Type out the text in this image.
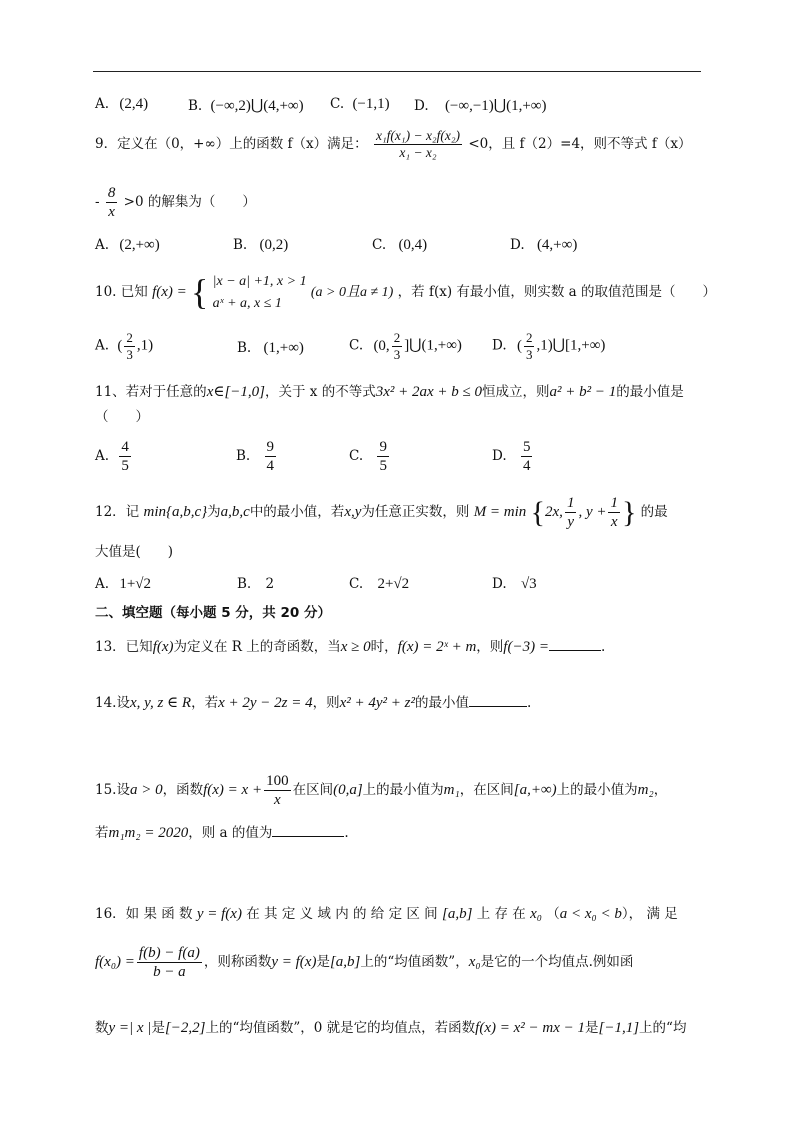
A. (2,4)	B. (−∞,2)⋃(4,+∞) C. (−1,1) D. (−∞,−1)⋃(1,+∞)
9．定义在（0，+∞）上的函数 f（x）满足： $\frac{\text{x₁f(x₁) − x₂f(x₂)}}{\text{x₁ − x₂}} <0$，且 f（2）=4，则不等式 f（x）
- $\frac{8}{x} >0$ 的解集为（　　）
A. (2,+∞)	B. (0,2)	C. (0,4)	D. (4,+∞)
10. 已知 f(x) = { |x − a| +1, x > 1
aˣ + a, x ≤ 1
(a > 0且a ≠ 1) ，若 f(x) 有最小值，则实数 a 的取值范围是（　　）
A. ( $\frac{2}{3} ,1$)	B. (1,+∞)	C. (0, $\frac{2}{3}$ ]⋃(1,+∞) D. ( $\frac{2}{3}$ ,1)⋃[1,+∞)
11、若对于任意的x∈[−1,0]，关于 x 的不等式3x² + 2ax + b ≤ 0恒成立，则a² + b² − 1的最小值是
（　　）
A. $\frac{4}{5}$	B. $\frac{9}{4}$	C. $\frac{9}{5}$	D. $\frac{5}{4}$
12．记 min{a,b,c}为a,b,c中的最小值，若x,y为任意正实数，则 M = min {2x, $\frac{1}{y}$ , $y + \frac{1}{x}$ } 的最
大值是(　　)
A. 1+√2	B. 2	C. 2+√2	D. √3
二、填空题（每小题 5 分，共 20 分）
13．已知f(x)为定义在 R 上的奇函数，当x ≥ 0时，f(x) = 2ˣ + m，则f(−3) =	.
14.设x, y, z ∈ R，若x + 2y − 2z = 4，则x² + 4y² + z²的最小值	.
15.设a > 0，函数$f(x) = x + \frac{100}{x}$ 在区间(0,a]上的最小值为m₁，在区间[a,+∞)上的最小值为m₂，
若m₁m₂ = 2020，则 a 的值为	.
16．如 果 函 数 y = f(x) 在 其 定 义 域 内 的 给 定 区 间 [a,b] 上 存 在 x₀ （a < x₀ < b）， 满 足
$f(x_0) = \frac{f(b) - f(a)}{b - a}$ ，则称函数y = f(x)是[a,b]上的“均值函数”，x₀是它的一个均值点.例如函
数y =| x |是[−2,2]上的“均值函数”，0 就是它的均值点，若函数f(x) = x² − mx − 1是[−1,1]上的“均
